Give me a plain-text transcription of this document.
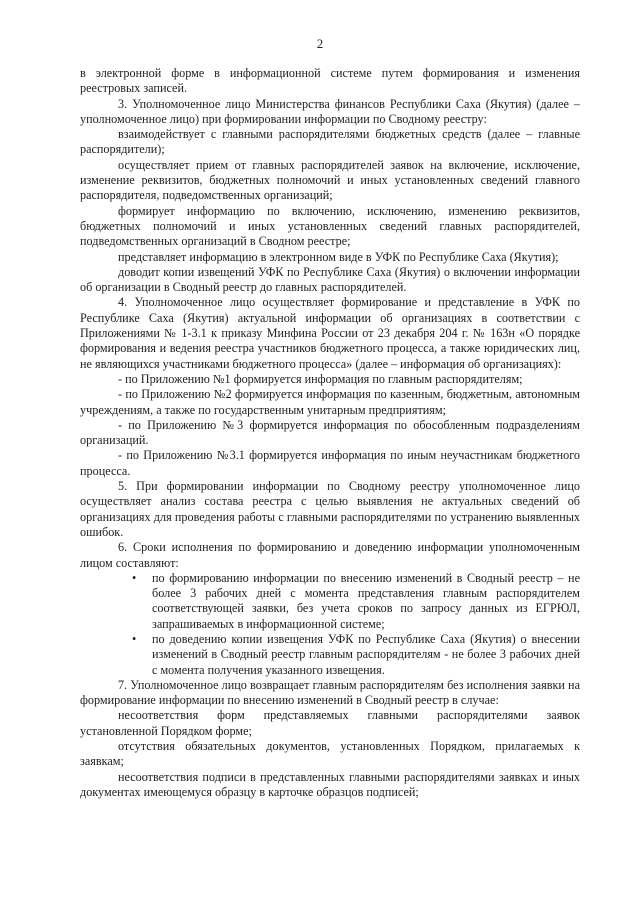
2

в электронной форме в информационной системе путем формирования и изменения реестровых записей.

3. Уполномоченное лицо Министерства финансов Республики Саха (Якутия) (далее – уполномоченное лицо) при формировании информации по Сводному реестру:

взаимодействует с главными распорядителями бюджетных средств (далее – главные распорядители);

осуществляет прием от главных распорядителей заявок на включение, исключение, изменение реквизитов, бюджетных полномочий и иных установленных сведений главного распорядителя, подведомственных организаций;

формирует информацию по включению, исключению, изменению реквизитов, бюджетных полномочий и иных установленных сведений главных распорядителей, подведомственных организаций в Сводном реестре;

представляет информацию в электронном виде в УФК по Республике Саха (Якутия);

доводит копии извещений УФК по Республике Саха (Якутия) о включении информации об организации в Сводный реестр до главных распорядителей.

4. Уполномоченное лицо осуществляет формирование и представление в УФК по Республике Саха (Якутия) актуальной информации об организациях в соответствии с Приложениями № 1-3.1 к приказу Минфина России от 23 декабря 204 г. № 163н «О порядке формирования и ведения реестра участников бюджетного процесса, а также юридических лиц, не являющихся участниками бюджетного процесса» (далее – информация об организациях):

- по Приложению №1 формируется информация по главным распорядителям;

- по Приложению №2 формируется информация по казенным, бюджетным, автономным учреждениям, а также по государственным унитарным предприятиям;

- по Приложению №3 формируется информация по обособленным подразделениям организаций.

- по Приложению №3.1 формируется информация по иным неучастникам бюджетного процесса.

5. При формировании информации по Сводному реестру уполномоченное лицо осуществляет анализ состава реестра с целью выявления не актуальных сведений об организациях для проведения работы с главными распорядителями по устранению выявленных ошибок.

6. Сроки исполнения по формированию и доведению информации уполномоченным лицом составляют:

• по формированию информации по внесению изменений в Сводный реестр – не более 3 рабочих дней с момента представления главным распорядителем соответствующей заявки, без учета сроков по запросу данных из ЕГРЮЛ, запрашиваемых в информационной системе;
• по доведению копии извещения УФК по Республике Саха (Якутия) о внесении изменений в Сводный реестр главным распорядителям - не более 3 рабочих дней с момента получения указанного извещения.

7. Уполномоченное лицо возвращает главным распорядителям без исполнения заявки на формирование информации по внесению изменений в Сводный реестр в случае:

несоответствия форм представляемых главными распорядителями заявок установленной Порядком форме;

отсутствия обязательных документов, установленных Порядком, прилагаемых к заявкам;

несоответствия подписи в представленных главными распорядителями заявках и иных документах имеющемуся образцу в карточке образцов подписей;
